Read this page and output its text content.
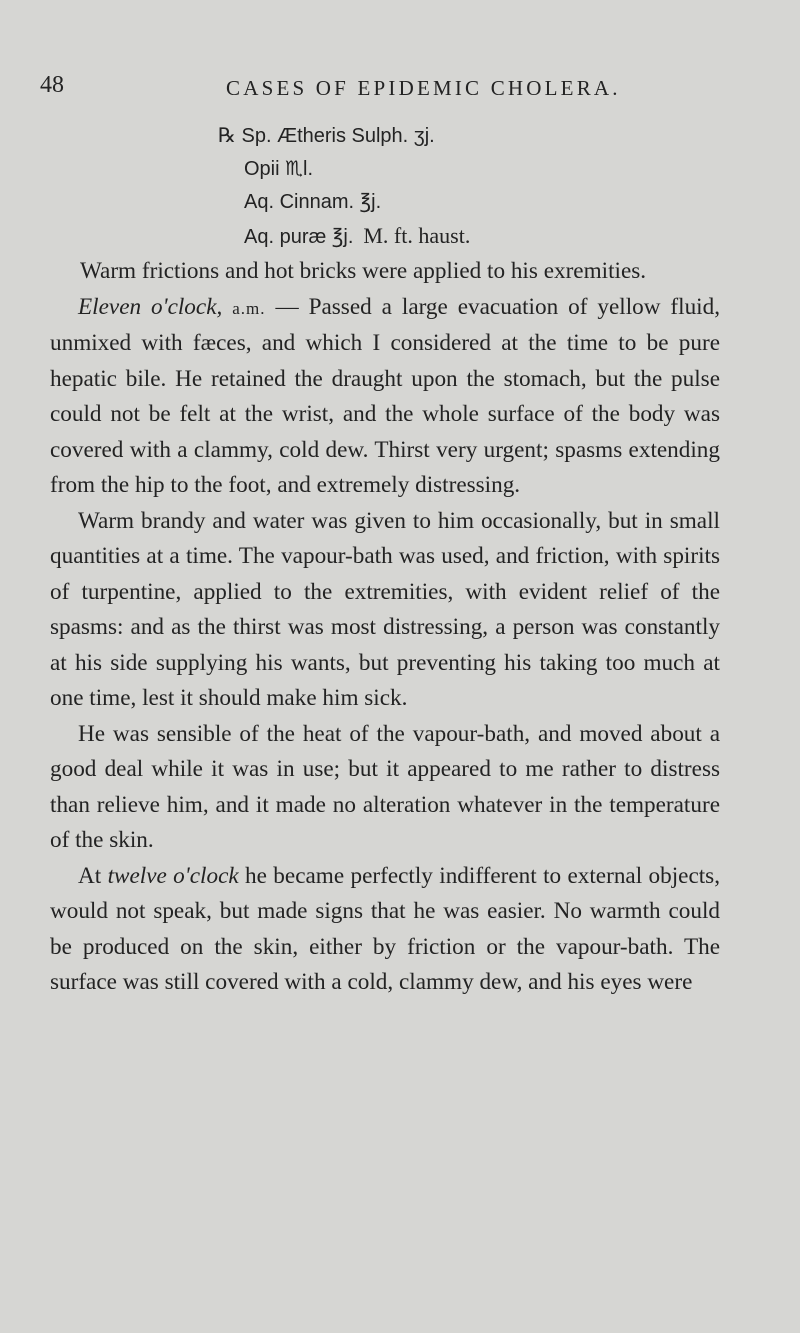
48	CASES OF EPIDEMIC CHOLERA.
℞ Sp. Ætheris Sulph. ʒj.
Opii ♏l.
Aq. Cinnam. ℥j.
Aq. puræ ℥j. M. ft. haust.

Warm frictions and hot bricks were applied to his exremities.

Eleven o'clock, a.m. — Passed a large evacuation of yellow fluid, unmixed with fæces, and which I considered at the time to be pure hepatic bile. He retained the draught upon the stomach, but the pulse could not be felt at the wrist, and the whole surface of the body was covered with a clammy, cold dew. Thirst very urgent; spasms extending from the hip to the foot, and extremely distressing.

Warm brandy and water was given to him occasionally, but in small quantities at a time. The vapour-bath was used, and friction, with spirits of turpentine, applied to the extremities, with evident relief of the spasms: and as the thirst was most distressing, a person was constantly at his side supplying his wants, but preventing his taking too much at one time, lest it should make him sick.

He was sensible of the heat of the vapour-bath, and moved about a good deal while it was in use; but it appeared to me rather to distress than relieve him, and it made no alteration whatever in the temperature of the skin.

At twelve o'clock he became perfectly indifferent to external objects, would not speak, but made signs that he was easier. No warmth could be produced on the skin, either by friction or the vapour-bath. The surface was still covered with a cold, clammy dew, and his eyes were
